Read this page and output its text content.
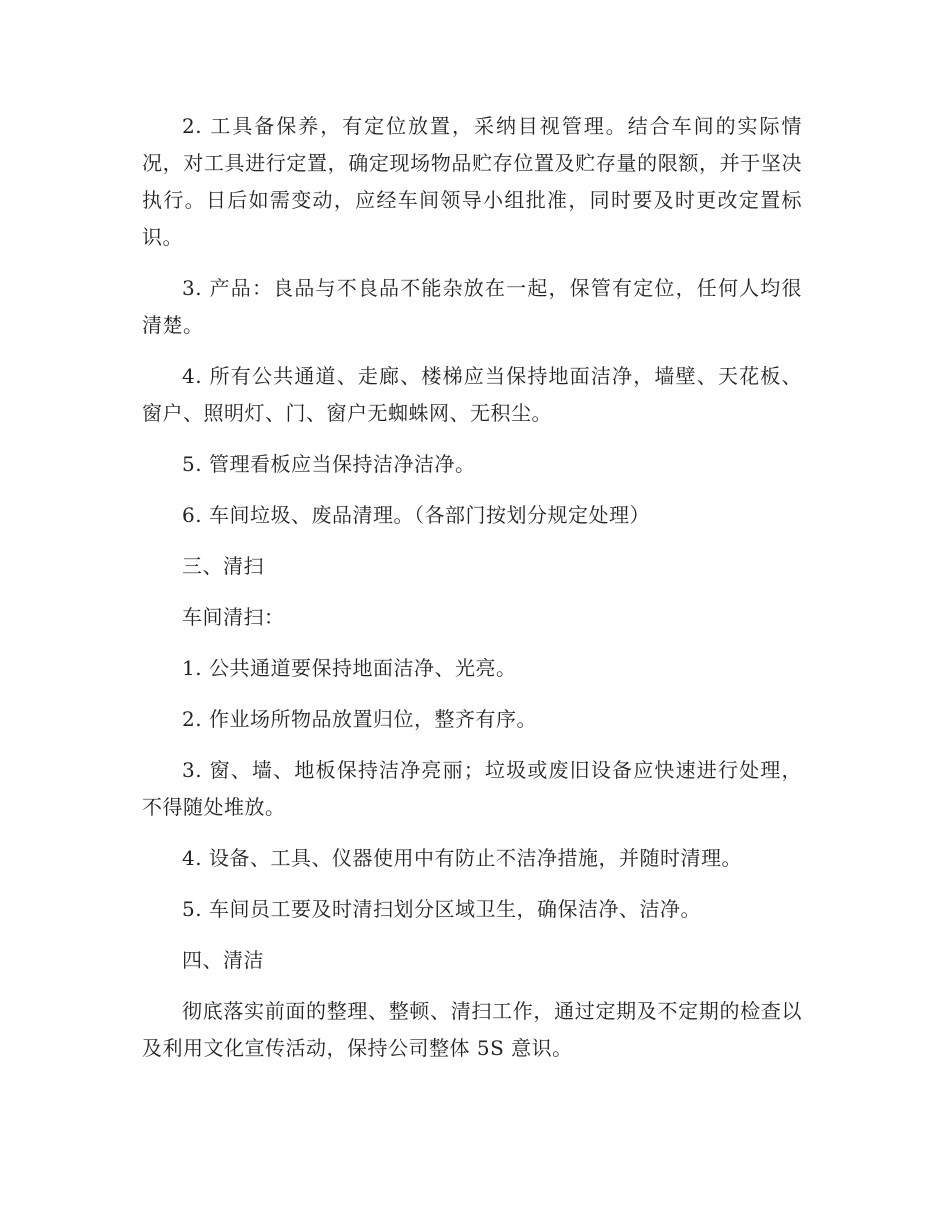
2. 工具备保养，有定位放置，采纳目视管理。结合车间的实际情况，对工具进行定置，确定现场物品贮存位置及贮存量的限额，并于坚决执行。日后如需变动，应经车间领导小组批准，同时要及时更改定置标识。

3. 产品：良品与不良品不能杂放在一起，保管有定位，任何人均很清楚。

4. 所有公共通道、走廊、楼梯应当保持地面洁净，墙壁、天花板、窗户、照明灯、门、窗户无蜘蛛网、无积尘。

5. 管理看板应当保持洁净洁净。

6. 车间垃圾、废品清理。（各部门按划分规定处理）

三、清扫

车间清扫：

1. 公共通道要保持地面洁净、光亮。

2. 作业场所物品放置归位，整齐有序。

3. 窗、墙、地板保持洁净亮丽；垃圾或废旧设备应快速进行处理，不得随处堆放。

4. 设备、工具、仪器使用中有防止不洁净措施，并随时清理。

5. 车间员工要及时清扫划分区域卫生，确保洁净、洁净。

四、清洁

彻底落实前面的整理、整顿、清扫工作，通过定期及不定期的检查以及利用文化宣传活动，保持公司整体 5S 意识。
